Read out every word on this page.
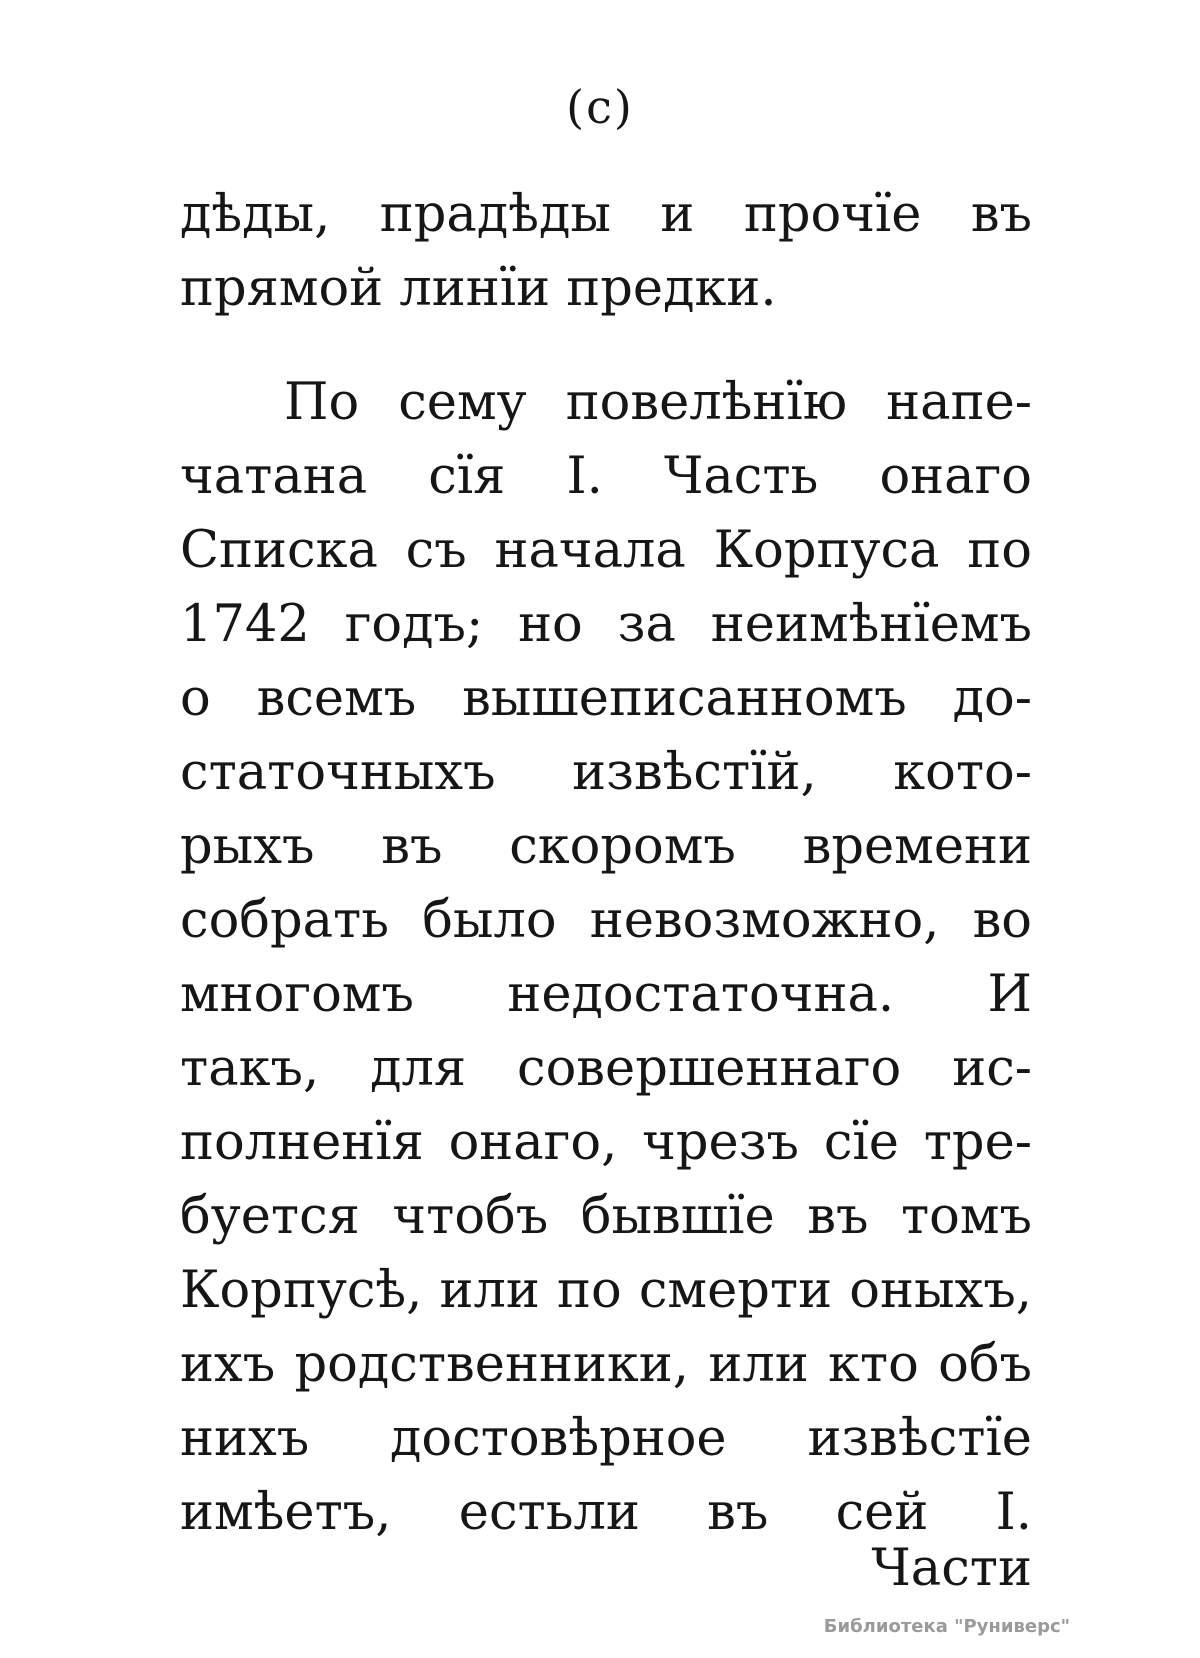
(c)
дѣды, прадѣды и прочїе въ
прямой линїи предки.
По сему повелѣнїю напе-
чатана сїя I. Часть онаго
Списка съ начала Корпуса по
1742 годъ; но за неимѣнїемъ
о всемъ вышеписанномъ до-
статочныхъ извѣстїй, кото-
рыхъ въ скоромъ времени
собрать было невозможно, во
многомъ недостаточна. И
такъ, для совершеннаго ис-
полненїя онаго, чрезъ сїе тре-
буется чтобъ бывшїе въ томъ
Корпусѣ, или по смерти оныхъ,
ихъ родственники, или кто объ
нихъ достовѣрное извѣстїе
имѣетъ, естьли въ сей I.
Части
Библиотека "Руниверс"
